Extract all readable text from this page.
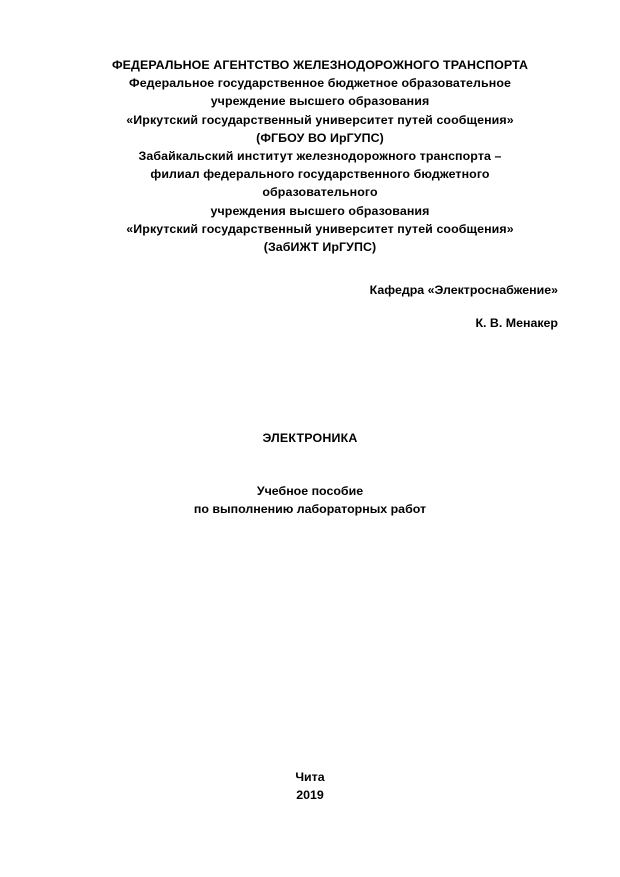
ФЕДЕРАЛЬНОЕ АГЕНТСТВО ЖЕЛЕЗНОДОРОЖНОГО ТРАНСПОРТА
Федеральное государственное бюджетное образовательное
учреждение высшего образования
«Иркутский государственный университет путей сообщения»
(ФГБОУ ВО ИрГУПС)
Забайкальский институт железнодорожного транспорта –
филиал федерального государственного бюджетного
образовательного
учреждения высшего образования
«Иркутский государственный университет путей сообщения»
(ЗабИЖТ ИрГУПС)
Кафедра «Электроснабжение»
К. В. Менакер
ЭЛЕКТРОНИКА
Учебное пособие
по выполнению лабораторных работ
Чита
2019
